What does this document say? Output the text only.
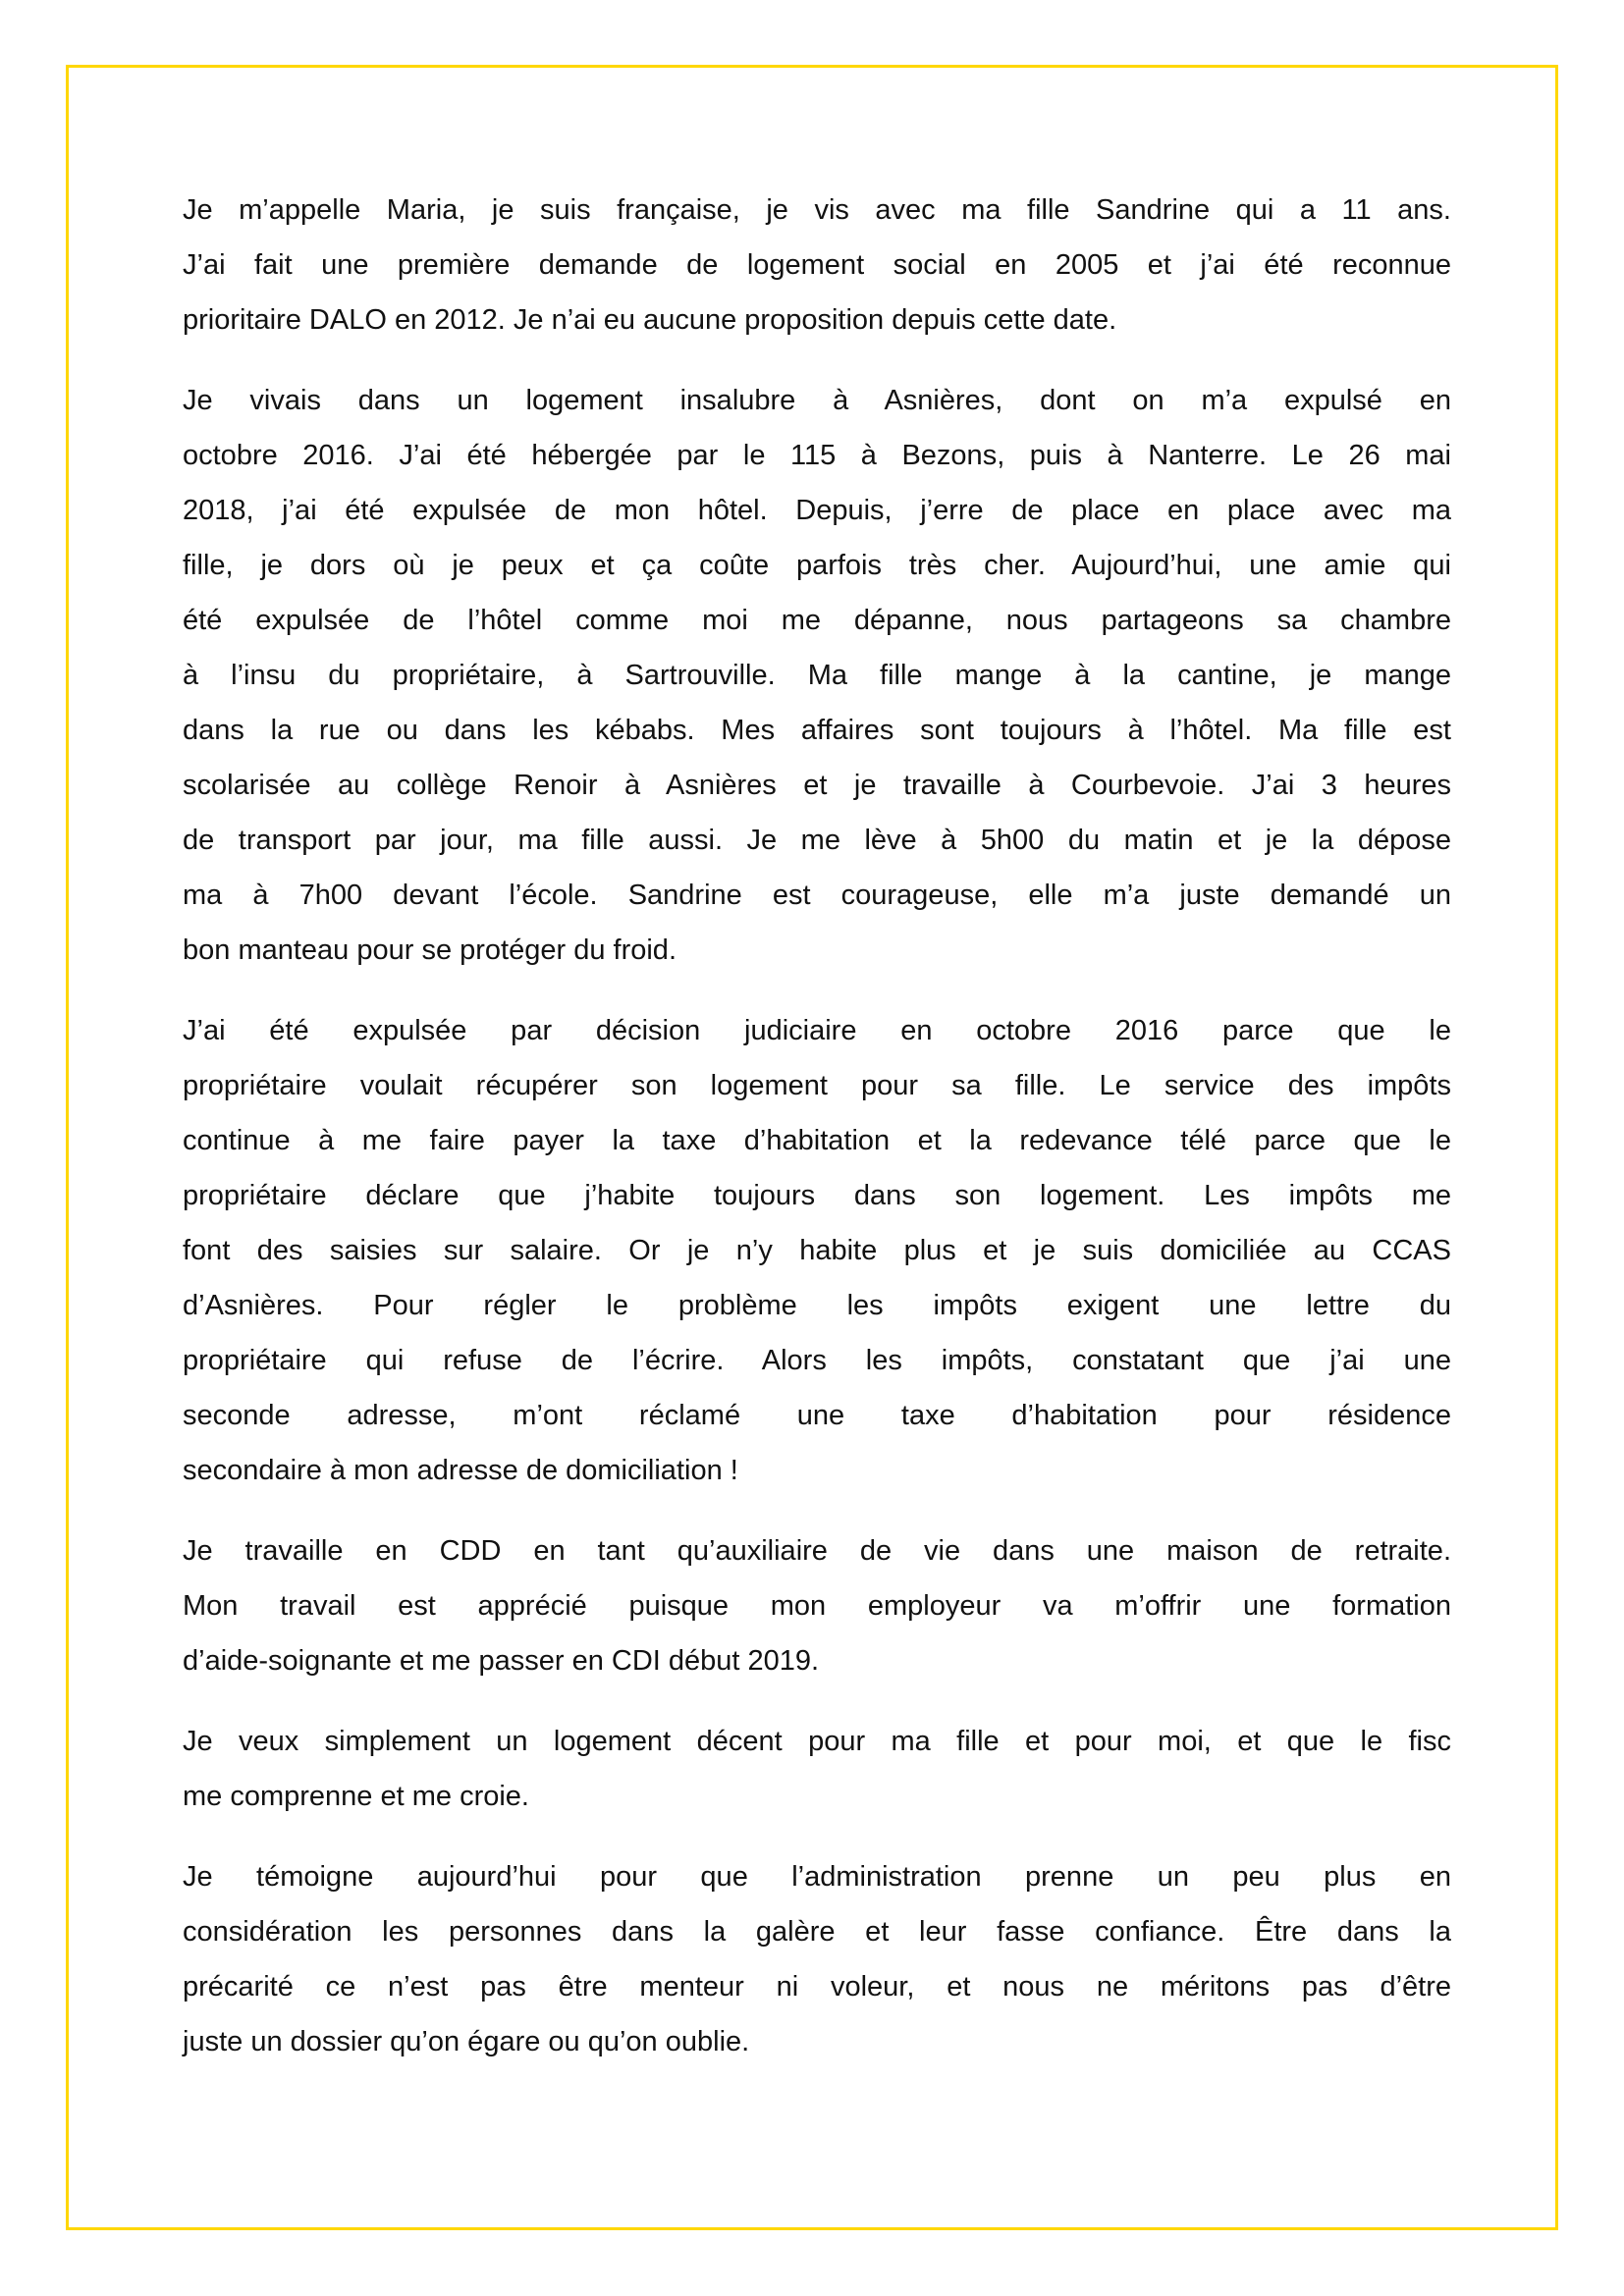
Je m’appelle Maria, je suis française, je vis avec ma fille Sandrine qui a 11 ans.
J’ai fait une première demande de logement social en 2005 et j’ai été reconnue
prioritaire DALO en 2012. Je n’ai eu aucune proposition depuis cette date.
Je vivais dans un logement insalubre à Asnières, dont on m’a expulsé en
octobre 2016. J’ai été hébergée par le 115 à Bezons, puis à Nanterre. Le 26 mai
2018, j’ai été expulsée de mon hôtel. Depuis, j’erre de place en place avec ma
fille, je dors où je peux et ça coûte parfois très cher. Aujourd’hui, une amie qui
été expulsée de l’hôtel comme moi me dépanne, nous partageons sa chambre
à l’insu du propriétaire, à Sartrouville. Ma fille mange à la cantine, je mange
dans la rue ou dans les kébabs. Mes affaires sont toujours à l’hôtel. Ma fille est
scolarisée au collège Renoir à Asnières et je travaille à Courbevoie. J’ai 3 heures
de transport par jour, ma fille aussi. Je me lève à 5h00 du matin et je la dépose
ma à 7h00 devant l’école. Sandrine est courageuse, elle m’a juste demandé un
bon manteau pour se protéger du froid.
J’ai été expulsée par décision judiciaire en octobre 2016 parce que le
propriétaire voulait récupérer son logement pour sa fille. Le service des impôts
continue à me faire payer la taxe d’habitation et la redevance télé parce que le
propriétaire déclare que j’habite toujours dans son logement. Les impôts me
font des saisies sur salaire. Or je n’y habite plus et je suis domiciliée au CCAS
d’Asnières. Pour régler le problème les impôts exigent une lettre du
propriétaire qui refuse de l’écrire. Alors les impôts, constatant que j’ai une
seconde adresse, m’ont réclamé une taxe d’habitation pour résidence
secondaire à mon adresse de domiciliation !
Je travaille en CDD en tant qu’auxiliaire de vie dans une maison de retraite.
Mon travail est apprécié puisque mon employeur va m’offrir une formation
d’aide-soignante et me passer en CDI début 2019.
Je veux simplement un logement décent pour ma fille et pour moi, et que le fisc
me comprenne et me croie.
Je témoigne aujourd’hui pour que l’administration prenne un peu plus en
considération les personnes dans la galère et leur fasse confiance. Être dans la
précarité ce n’est pas être menteur ni voleur, et nous ne méritons pas d’être
juste un dossier qu’on égare ou qu’on oublie.
